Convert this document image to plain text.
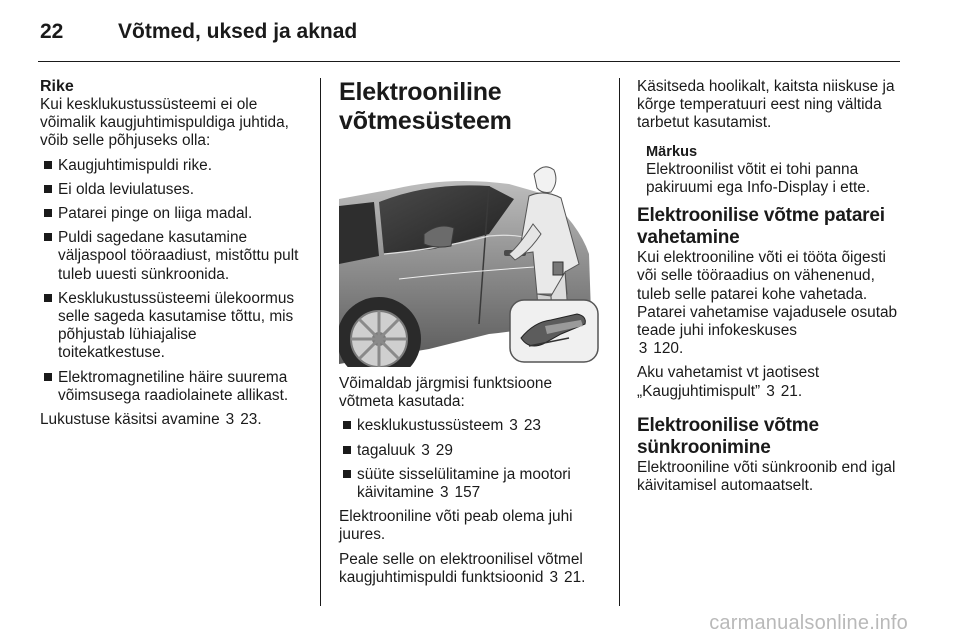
22	Võtmed, uksed ja aknad
Rike

Kui kesklukustussüsteemi ei ole võimalik kaugjuhtimispuldiga juhtida, võib selle põhjuseks olla:

Kaugjuhtimispuldi rike.
Ei olda leviulatuses.
Patarei pinge on liiga madal.
Puldi sagedane kasutamine väljaspool tööraadiust, mistõttu pult tuleb uuesti sünkroonida.
Kesklukustussüsteemi ülekoormus selle sageda kasutamise tõttu, mis põhjustab lühiajalise toitekatkestuse.
Elektromagnetiline häire suurema võimsusega raadiolainete allikast.

Lukustuse käsitsi avamine 3 23.

Elektrooniline
võtmesüsteem

Võimaldab järgmisi funktsioone võtmeta kasutada:

kesklukustussüsteem 3 23
tagaluuk 3 29
süüte sisselülitamine ja mootori käivitamine 3 157

Elektrooniline võti peab olema juhi juures.

Peale selle on elektroonilisel võtmel kaugjuhtimispuldi funktsioonid 3 21.

Käsitseda hoolikalt, kaitsta niiskuse ja kõrge temperatuuri eest ning vältida tarbetut kasutamist.

Märkus

Elektroonilist võtit ei tohi panna pakiruumi ega Info-Display i ette.

Elektroonilise võtme patarei
vahetamine

Kui elektrooniline võti ei tööta õigesti või selle tööraadius on vähenenud, tuleb selle patarei kohe vahetada. Patarei vahetamise vajadusele osutab teade juhi infokeskuses
3 120.

Aku vahetamist vt jaotisest „Kaugjuhtimispult” 3 21.

Elektroonilise võtme
sünkroonimine

Elektrooniline võti sünkroonib end igal käivitamisel automaatselt.

carmanualsonline.info
